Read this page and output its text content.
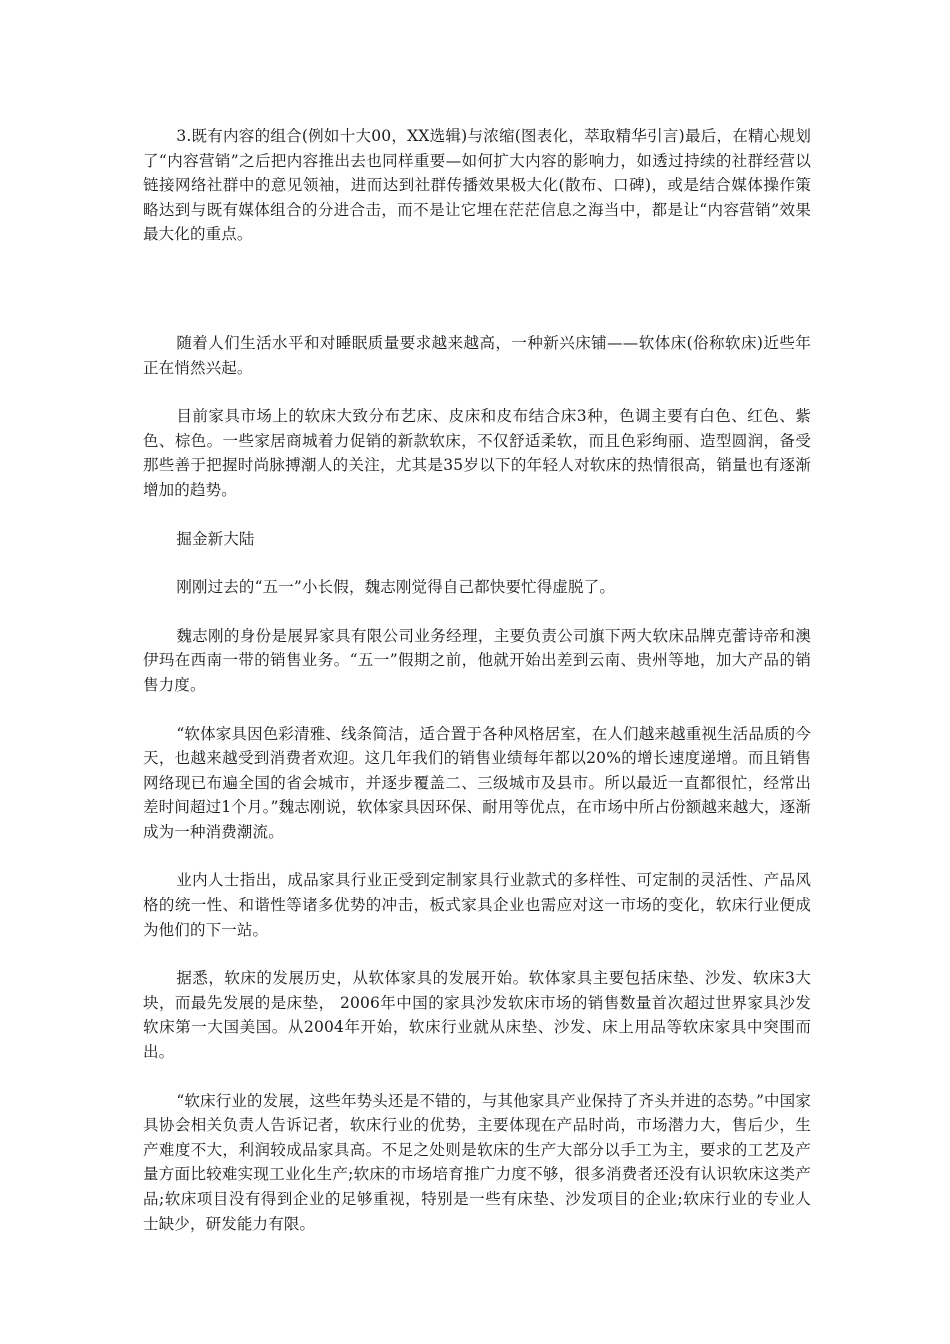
3.既有内容的组合(例如十大00，XX选辑)与浓缩(图表化，萃取精华引言)最后，在精心规划了“内容营销”之后把内容推出去也同样重要—如何扩大内容的影响力，如透过持续的社群经营以链接网络社群中的意见领袖，进而达到社群传播效果极大化(散布、口碑)，或是结合媒体操作策略达到与既有媒体组合的分进合击，而不是让它埋在茫茫信息之海当中，都是让“内容营销”效果最大化的重点。

随着人们生活水平和对睡眠质量要求越来越高，一种新兴床铺——软体床(俗称软床)近些年正在悄然兴起。

目前家具市场上的软床大致分布艺床、皮床和皮布结合床3种，色调主要有白色、红色、紫色、棕色。一些家居商城着力促销的新款软床，不仅舒适柔软，而且色彩绚丽、造型圆润，备受那些善于把握时尚脉搏潮人的关注，尤其是35岁以下的年轻人对软床的热情很高，销量也有逐渐增加的趋势。

掘金新大陆

刚刚过去的“五一”小长假，魏志刚觉得自己都快要忙得虚脱了。

魏志刚的身份是展昇家具有限公司业务经理，主要负责公司旗下两大软床品牌克蕾诗帝和澳伊玛在西南一带的销售业务。“五一”假期之前，他就开始出差到云南、贵州等地，加大产品的销售力度。

“软体家具因色彩清雅、线条简洁，适合置于各种风格居室，在人们越来越重视生活品质的今天，也越来越受到消费者欢迎。这几年我们的销售业绩每年都以20%的增长速度递增。而且销售网络现已布遍全国的省会城市，并逐步覆盖二、三级城市及县市。所以最近一直都很忙，经常出差时间超过1个月。”魏志刚说，软体家具因环保、耐用等优点，在市场中所占份额越来越大，逐渐成为一种消费潮流。

业内人士指出，成品家具行业正受到定制家具行业款式的多样性、可定制的灵活性、产品风格的统一性、和谐性等诸多优势的冲击，板式家具企业也需应对这一市场的变化，软床行业便成为他们的下一站。

据悉，软床的发展历史，从软体家具的发展开始。软体家具主要包括床垫、沙发、软床3大块，而最先发展的是床垫， 2006年中国的家具沙发软床市场的销售数量首次超过世界家具沙发软床第一大国美国。从2004年开始，软床行业就从床垫、沙发、床上用品等软床家具中突围而出。

“软床行业的发展，这些年势头还是不错的，与其他家具产业保持了齐头并进的态势。”中国家具协会相关负责人告诉记者，软床行业的优势，主要体现在产品时尚，市场潜力大，售后少，生产难度不大，利润较成品家具高。不足之处则是软床的生产大部分以手工为主，要求的工艺及产量方面比较难实现工业化生产;软床的市场培育推广力度不够，很多消费者还没有认识软床这类产品;软床项目没有得到企业的足够重视，特别是一些有床垫、沙发项目的企业;软床行业的专业人士缺少，研发能力有限。
